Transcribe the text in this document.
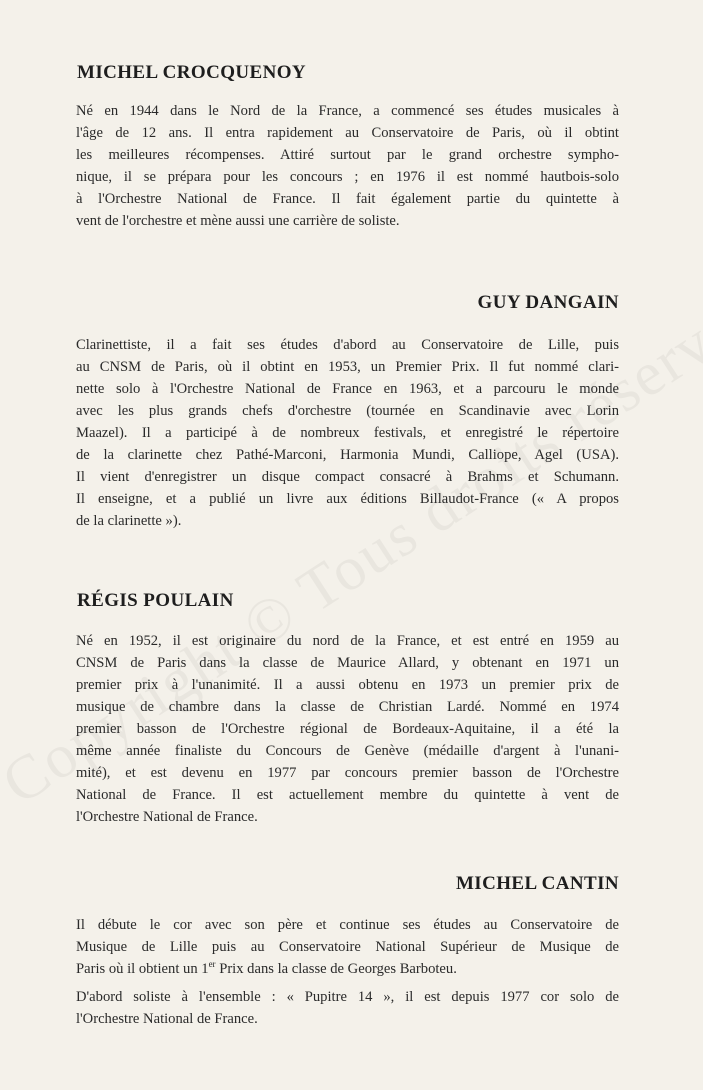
MICHEL CROCQUENOY
Né en 1944 dans le Nord de la France, a commencé ses études musicales à
l'âge de 12 ans. Il entra rapidement au Conservatoire de Paris, où il obtint
les meilleures récompenses. Attiré surtout par le grand orchestre sympho-
nique, il se prépara pour les concours ; en 1976 il est nommé hautbois-solo
à l'Orchestre National de France. Il fait également partie du quintette à
vent de l'orchestre et mène aussi une carrière de soliste.
GUY DANGAIN
Clarinettiste, il a fait ses études d'abord au Conservatoire de Lille, puis
au CNSM de Paris, où il obtint en 1953, un Premier Prix. Il fut nommé clari-
nette solo à l'Orchestre National de France en 1963, et a parcouru le monde
avec les plus grands chefs d'orchestre (tournée en Scandinavie avec Lorin
Maazel). Il a participé à de nombreux festivals, et enregistré le répertoire
de la clarinette chez Pathé-Marconi, Harmonia Mundi, Calliope, Agel (USA).
Il vient d'enregistrer un disque compact consacré à Brahms et Schumann.
Il enseigne, et a publié un livre aux éditions Billaudot-France (« A propos
de la clarinette »).
RÉGIS POULAIN
Né en 1952, il est originaire du nord de la France, et est entré en 1959 au
CNSM de Paris dans la classe de Maurice Allard, y obtenant en 1971 un
premier prix à l'unanimité. Il a aussi obtenu en 1973 un premier prix de
musique de chambre dans la classe de Christian Lardé. Nommé en 1974
premier basson de l'Orchestre régional de Bordeaux-Aquitaine, il a été la
même année finaliste du Concours de Genève (médaille d'argent à l'unani-
mité), et est devenu en 1977 par concours premier basson de l'Orchestre
National de France. Il est actuellement membre du quintette à vent de
l'Orchestre National de France.
MICHEL CANTIN
Il débute le cor avec son père et continue ses études au Conservatoire de
Musique de Lille puis au Conservatoire National Supérieur de Musique de
Paris où il obtient un 1er Prix dans la classe de Georges Barboteu.
D'abord soliste à l'ensemble : « Pupitre 14 », il est depuis 1977 cor solo de
l'Orchestre National de France.
